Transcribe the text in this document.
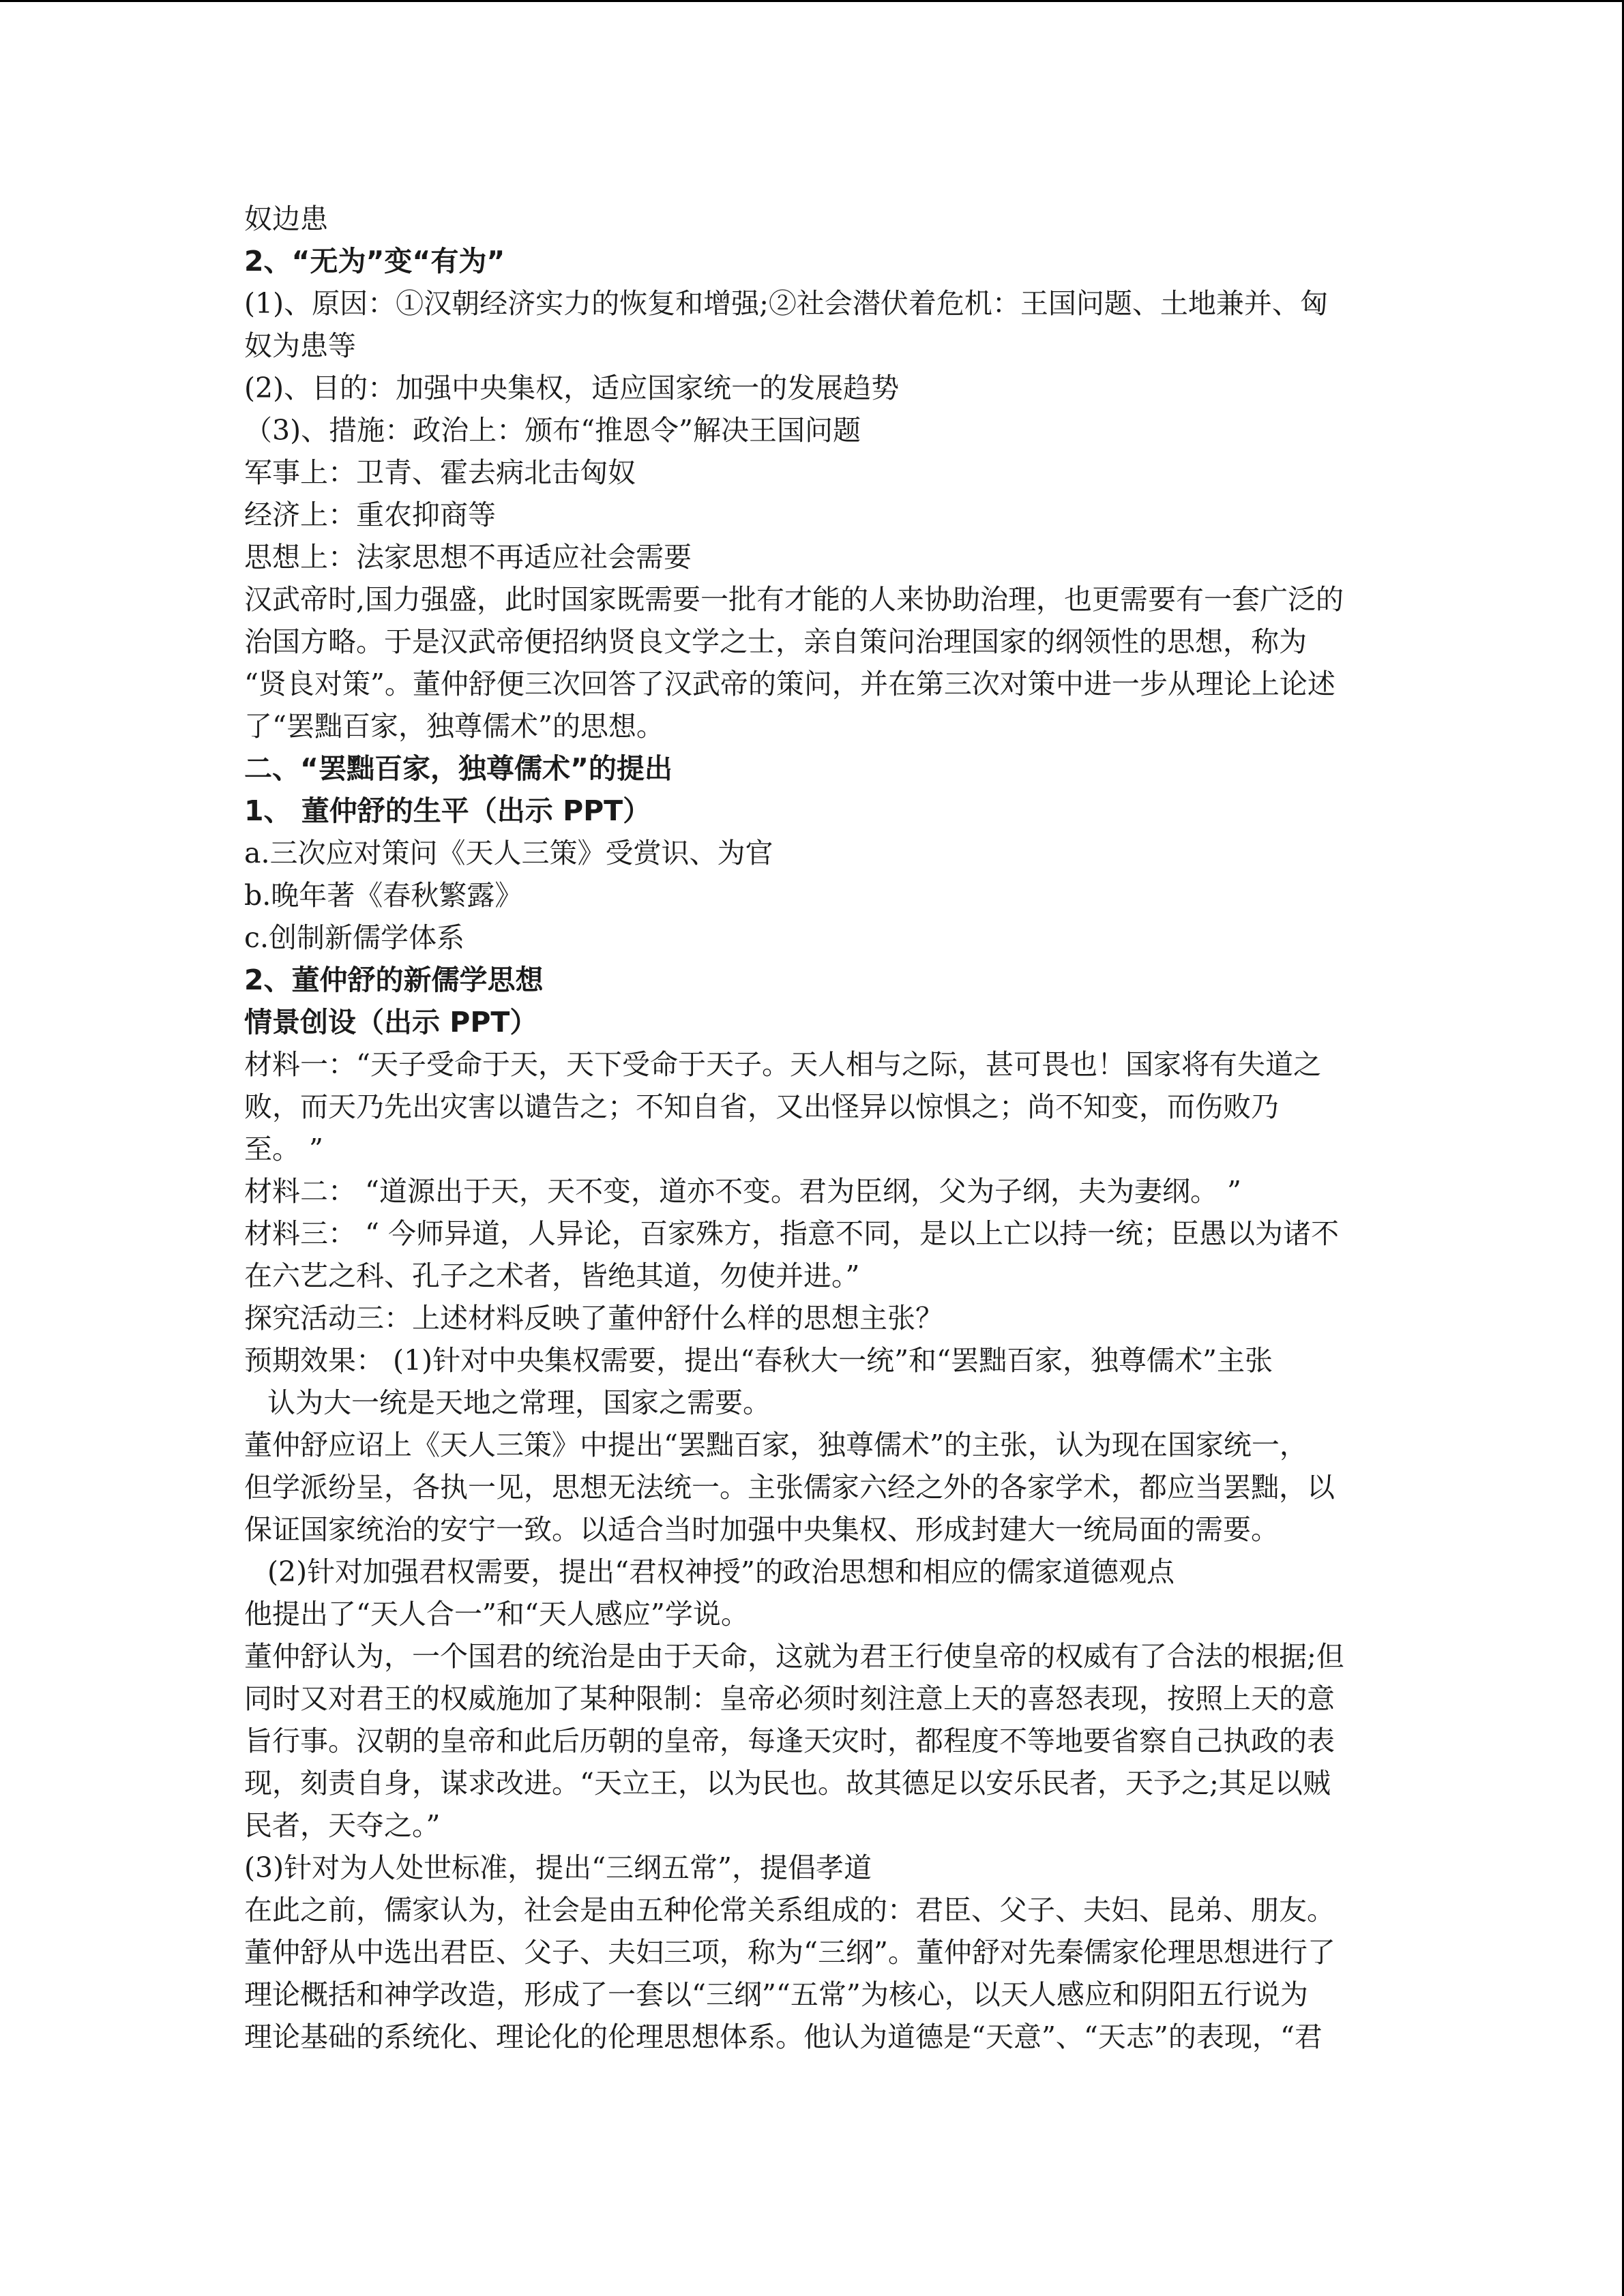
奴边患
2、“无为”变“有为”
(1)、原因：①汉朝经济实力的恢复和增强;②社会潜伏着危机：王国问题、土地兼并、匈
奴为患等
(2)、目的：加强中央集权，适应国家统一的发展趋势
（3)、措施：政治上：颁布“推恩令”解决王国问题
军事上：卫青、霍去病北击匈奴
经济上：重农抑商等
思想上：法家思想不再适应社会需要
汉武帝时,国力强盛，此时国家既需要一批有才能的人来协助治理，也更需要有一套广泛的
治国方略。于是汉武帝便招纳贤良文学之士，亲自策问治理国家的纲领性的思想，称为
“贤良对策”。董仲舒便三次回答了汉武帝的策问，并在第三次对策中进一步从理论上论述
了“罢黜百家，独尊儒术”的思想。
二、“罢黜百家，独尊儒术”的提出
1、 董仲舒的生平（出示 PPT）
a.三次应对策问《天人三策》受赏识、为官
b.晚年著《春秋繁露》
c.创制新儒学体系
2、董仲舒的新儒学思想
情景创设（出示 PPT）
材料一：“天子受命于天，天下受命于天子。天人相与之际，甚可畏也！国家将有失道之
败，而天乃先出灾害以谴告之；不知自省，又出怪异以惊惧之；尚不知变，而伤败乃
至。 ”
材料二： “道源出于天，天不变，道亦不变。君为臣纲，父为子纲，夫为妻纲。 ”
材料三： “ 今师异道，人异论，百家殊方，指意不同，是以上亡以持一统；臣愚以为诸不
在六艺之科、孔子之术者，皆绝其道，勿使并进。”
探究活动三：上述材料反映了董仲舒什么样的思想主张？
预期效果： (1)针对中央集权需要，提出“春秋大一统”和“罢黜百家，独尊儒术”主张
认为大一统是天地之常理，国家之需要。
董仲舒应诏上《天人三策》中提出“罢黜百家，独尊儒术”的主张，认为现在国家统一，
但学派纷呈，各执一见，思想无法统一。主张儒家六经之外的各家学术，都应当罢黜，以
保证国家统治的安宁一致。以适合当时加强中央集权、形成封建大一统局面的需要。
(2)针对加强君权需要，提出“君权神授”的政治思想和相应的儒家道德观点
他提出了“天人合一”和“天人感应”学说。
董仲舒认为，一个国君的统治是由于天命，这就为君王行使皇帝的权威有了合法的根据;但
同时又对君王的权威施加了某种限制：皇帝必须时刻注意上天的喜怒表现，按照上天的意
旨行事。汉朝的皇帝和此后历朝的皇帝，每逢天灾时，都程度不等地要省察自己执政的表
现，刻责自身，谋求改进。“天立王，以为民也。故其德足以安乐民者，天予之;其足以贼
民者，天夺之。”
(3)针对为人处世标准，提出“三纲五常”，提倡孝道
在此之前，儒家认为，社会是由五种伦常关系组成的：君臣、父子、夫妇、昆弟、朋友。
董仲舒从中选出君臣、父子、夫妇三项，称为“三纲”。董仲舒对先秦儒家伦理思想进行了
理论概括和神学改造，形成了一套以“三纲”“五常”为核心，以天人感应和阴阳五行说为
理论基础的系统化、理论化的伦理思想体系。他认为道德是“天意”、“天志”的表现，“君
